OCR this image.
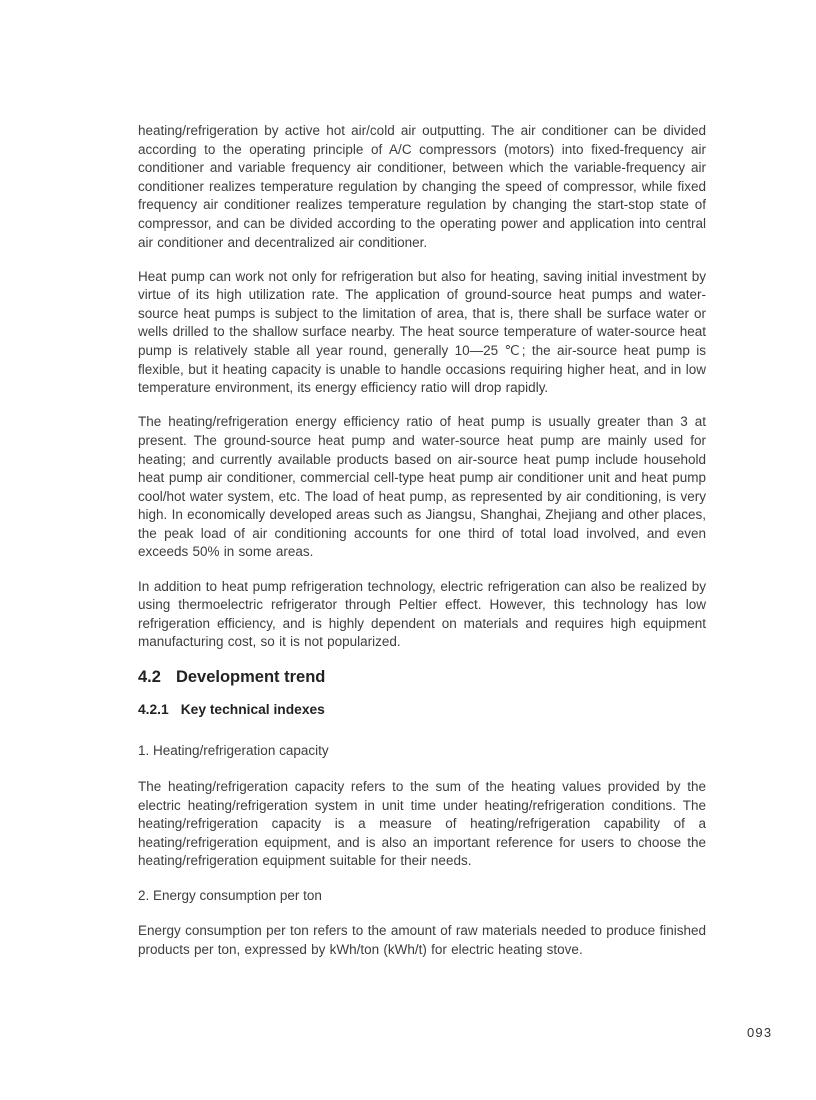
heating/refrigeration by active hot air/cold air outputting. The air conditioner can be divided according to the operating principle of A/C compressors (motors) into fixed-frequency air conditioner and variable frequency air conditioner, between which the variable-frequency air conditioner realizes temperature regulation by changing the speed of compressor, while fixed frequency air conditioner realizes temperature regulation by changing the start-stop state of compressor, and can be divided according to the operating power and application into central air conditioner and decentralized air conditioner.

Heat pump can work not only for refrigeration but also for heating, saving initial investment by virtue of its high utilization rate. The application of ground-source heat pumps and water-source heat pumps is subject to the limitation of area, that is, there shall be surface water or wells drilled to the shallow surface nearby. The heat source temperature of water-source heat pump is relatively stable all year round, generally 10—25 ℃; the air-source heat pump is flexible, but it heating capacity is unable to handle occasions requiring higher heat, and in low temperature environment, its energy efficiency ratio will drop rapidly.

The heating/refrigeration energy efficiency ratio of heat pump is usually greater than 3 at present. The ground-source heat pump and water-source heat pump are mainly used for heating; and currently available products based on air-source heat pump include household heat pump air conditioner, commercial cell-type heat pump air conditioner unit and heat pump cool/hot water system, etc. The load of heat pump, as represented by air conditioning, is very high. In economically developed areas such as Jiangsu, Shanghai, Zhejiang and other places, the peak load of air conditioning accounts for one third of total load involved, and even exceeds 50% in some areas.

In addition to heat pump refrigeration technology, electric refrigeration can also be realized by using thermoelectric refrigerator through Peltier effect. However, this technology has low refrigeration efficiency, and is highly dependent on materials and requires high equipment manufacturing cost, so it is not popularized.

4.2 Development trend
4.2.1 Key technical indexes

1. Heating/refrigeration capacity

The heating/refrigeration capacity refers to the sum of the heating values provided by the electric heating/refrigeration system in unit time under heating/refrigeration conditions. The heating/refrigeration capacity is a measure of heating/refrigeration capability of a heating/refrigeration equipment, and is also an important reference for users to choose the heating/refrigeration equipment suitable for their needs.

2. Energy consumption per ton

Energy consumption per ton refers to the amount of raw materials needed to produce finished products per ton, expressed by kWh/ton (kWh/t) for electric heating stove.

093
